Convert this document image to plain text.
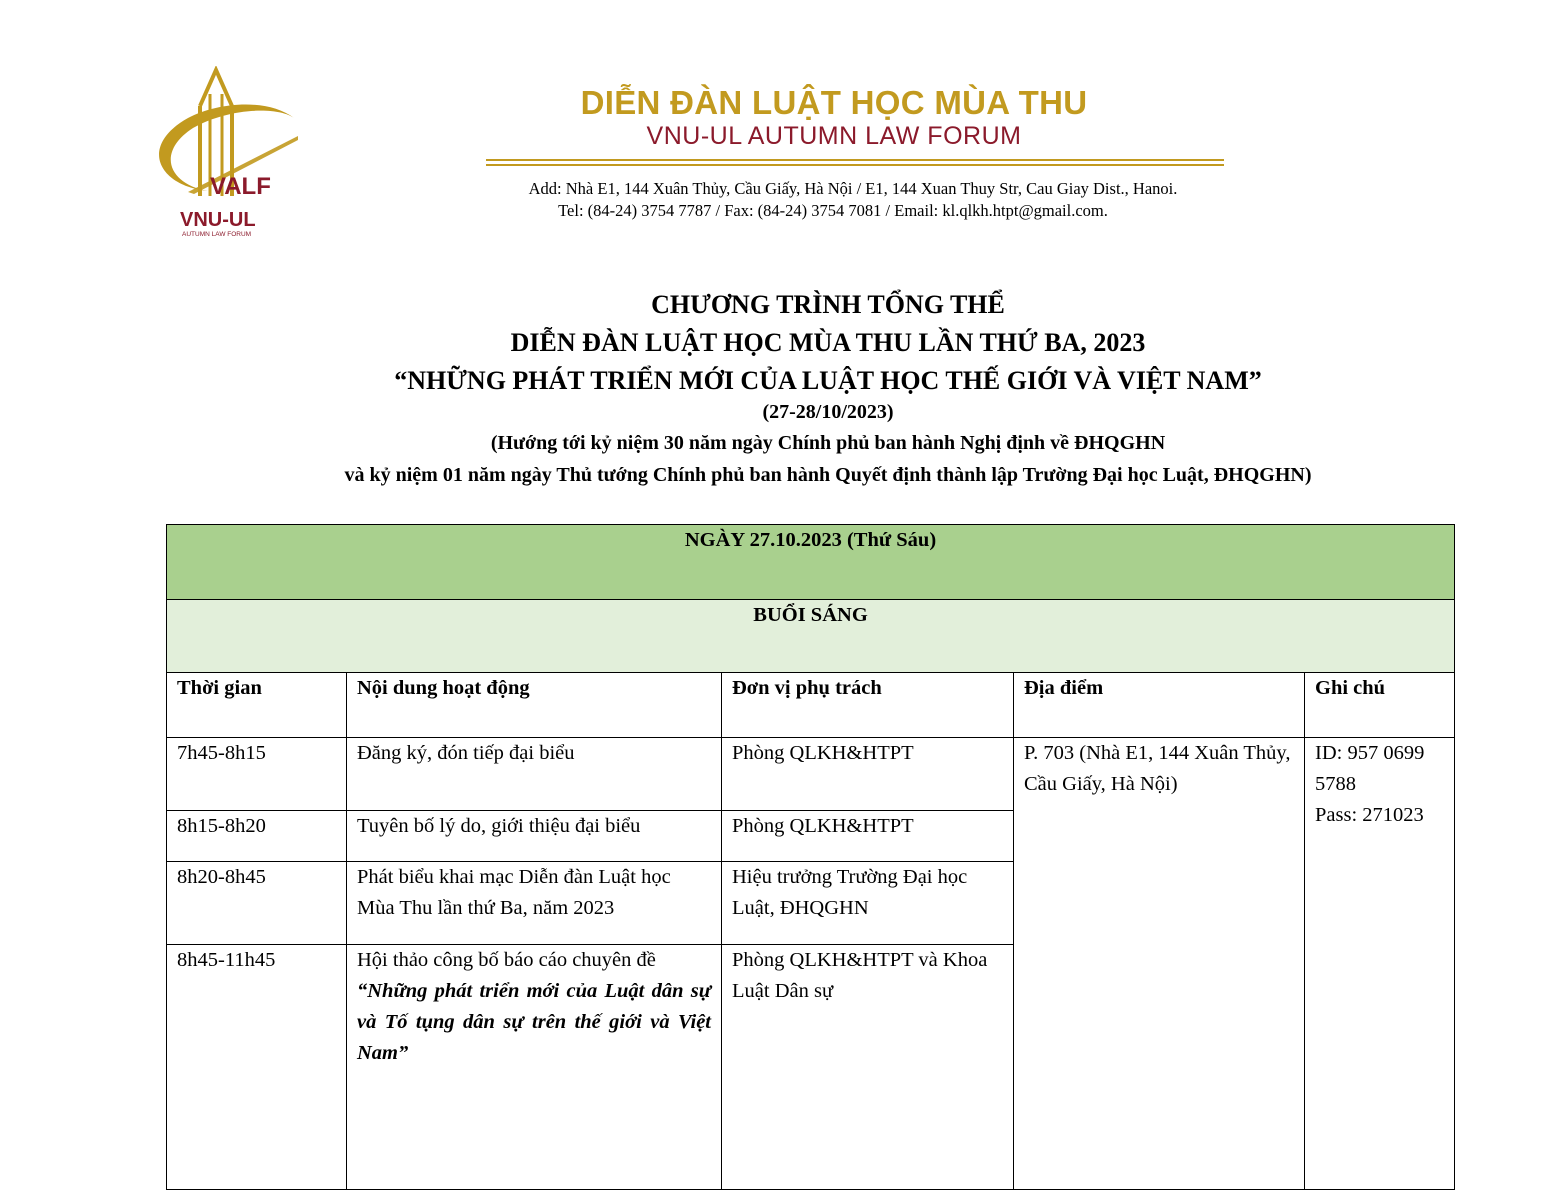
VALF
VNU-UL
AUTUMN LAW FORUM
DIỄN ĐÀN LUẬT HỌC MÙA THU
VNU-UL AUTUMN LAW FORUM
Add: Nhà E1, 144 Xuân Thủy, Cầu Giấy, Hà Nội / E1, 144 Xuan Thuy Str, Cau Giay Dist., Hanoi.
Tel: (84-24) 3754 7787 / Fax: (84-24) 3754 7081 / Email: kl.qlkh.htpt@gmail.com.
CHƯƠNG TRÌNH TỔNG THỂ
DIỄN ĐÀN LUẬT HỌC MÙA THU LẦN THỨ BA, 2023
“NHỮNG PHÁT TRIỂN MỚI CỦA LUẬT HỌC THẾ GIỚI VÀ VIỆT NAM”
(27-28/10/2023)
(Hướng tới kỷ niệm 30 năm ngày Chính phủ ban hành Nghị định về ĐHQGHN
và kỷ niệm 01 năm ngày Thủ tướng Chính phủ ban hành Quyết định thành lập Trường Đại học Luật, ĐHQGHN)
NGÀY 27.10.2023 (Thứ Sáu)				
BUỔI SÁNG				
Thời gian	Nội dung hoạt động	Đơn vị phụ trách	Địa điểm	Ghi chú
7h45-8h15	Đăng ký, đón tiếp đại biểu	Phòng QLKH&HTPT	P. 703 (Nhà E1, 144 Xuân Thủy, Cầu Giấy, Hà Nội)	ID: 957 0699 5788
Pass: 271023

8h15-8h20	Tuyên bố lý do, giới thiệu đại biểu	Phòng QLKH&HTPT		
8h20-8h45	Phát biểu khai mạc Diễn đàn Luật học Mùa Thu lần thứ Ba, năm 2023	Hiệu trưởng Trường Đại học Luật, ĐHQGHN		
8h45-11h45	Hội thảo công bố báo cáo chuyên đề
“Những phát triển mới của Luật dân sự và Tố tụng dân sự trên thế giới và Việt Nam”	Phòng QLKH&HTPT và Khoa Luật Dân sự		
